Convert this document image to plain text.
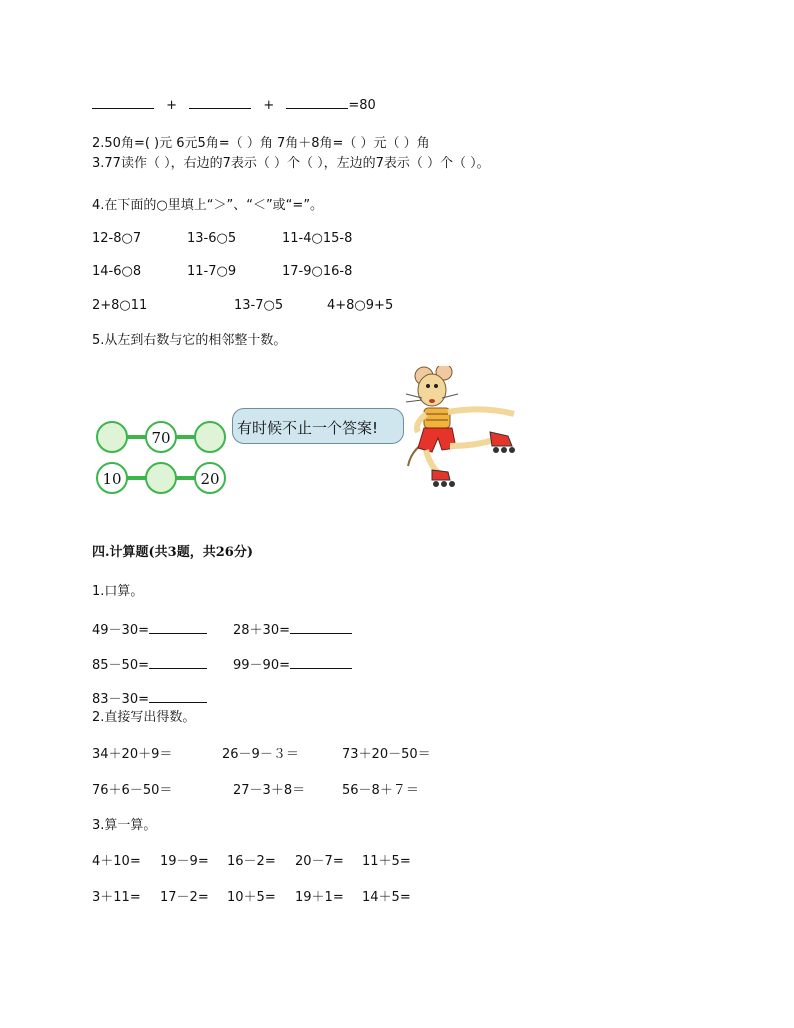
+	+	=80
2.50角=( )元 6元5角=（ ）角 7角＋8角=（ ）元（ ）角
3.77读作（ ），右边的7表示（ ）个（ ），左边的7表示（ ）个（ ）。
4.在下面的○里填上“＞”、“＜”或“=”。
12-8○7	13-6○5	11-4○15-8
14-6○8	11-7○9	17-9○16-8
2+8○11	13-7○5	4+8○9+5
5.从左到右数与它的相邻整十数。
70
10	20
有时候不止一个答案!
四.计算题(共3题，共26分)
1.口算。
49－30=	28＋30=
85－50=	99－90=
83－30=
2.直接写出得数。
34＋20＋9＝	26－9－３＝	73＋20－50＝
76＋6－50＝	27－3＋8＝	56－8＋７＝
3.算一算。
4＋10= 19－9= 16－2= 20－7= 11＋5=
3＋11= 17－2= 10＋5= 19＋1= 14＋5=
